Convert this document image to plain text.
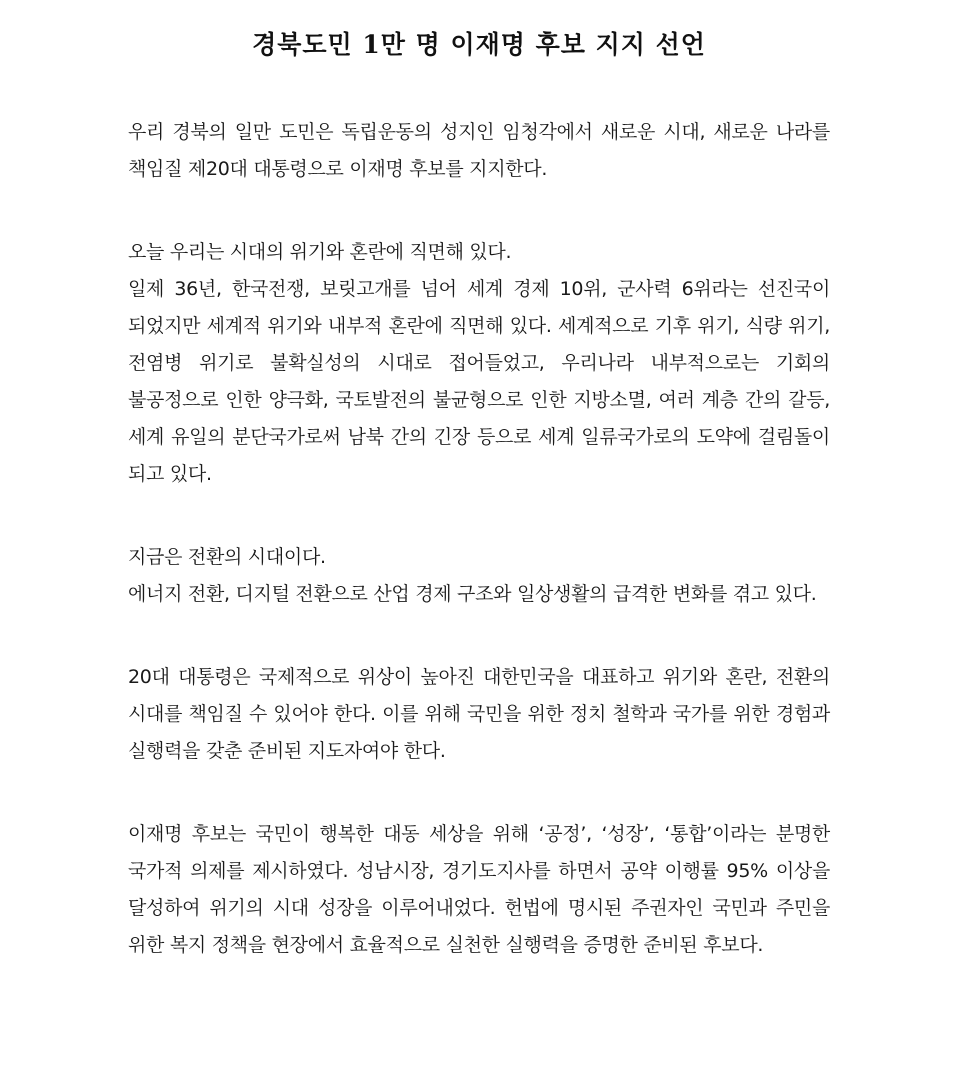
경북도민 1만 명 이재명 후보 지지 선언

우리 경북의 일만 도민은 독립운동의 성지인 임청각에서 새로운 시대, 새로운 나라를 책임질 제20대 대통령으로 이재명 후보를 지지한다.

오늘 우리는 시대의 위기와 혼란에 직면해 있다.

일제 36년, 한국전쟁, 보릿고개를 넘어 세계 경제 10위, 군사력 6위라는 선진국이 되었지만 세계적 위기와 내부적 혼란에 직면해 있다. 세계적으로 기후 위기, 식량 위기, 전염병 위기로 불확실성의 시대로 접어들었고, 우리나라 내부적으로는 기회의 불공정으로 인한 양극화, 국토발전의 불균형으로 인한 지방소멸, 여러 계층 간의 갈등, 세계 유일의 분단국가로써 남북 간의 긴장 등으로 세계 일류국가로의 도약에 걸림돌이 되고 있다.

지금은 전환의 시대이다.

에너지 전환, 디지털 전환으로 산업 경제 구조와 일상생활의 급격한 변화를 겪고 있다.

20대 대통령은 국제적으로 위상이 높아진 대한민국을 대표하고 위기와 혼란, 전환의 시대를 책임질 수 있어야 한다. 이를 위해 국민을 위한 정치 철학과 국가를 위한 경험과 실행력을 갖춘 준비된 지도자여야 한다.

이재명 후보는 국민이 행복한 대동 세상을 위해 ‘공정’, ‘성장’, ‘통합’이라는 분명한 국가적 의제를 제시하였다. 성남시장, 경기도지사를 하면서 공약 이행률 95% 이상을 달성하여 위기의 시대 성장을 이루어내었다. 헌법에 명시된 주권자인 국민과 주민을 위한 복지 정책을 현장에서 효율적으로 실천한 실행력을 증명한 준비된 후보다.
